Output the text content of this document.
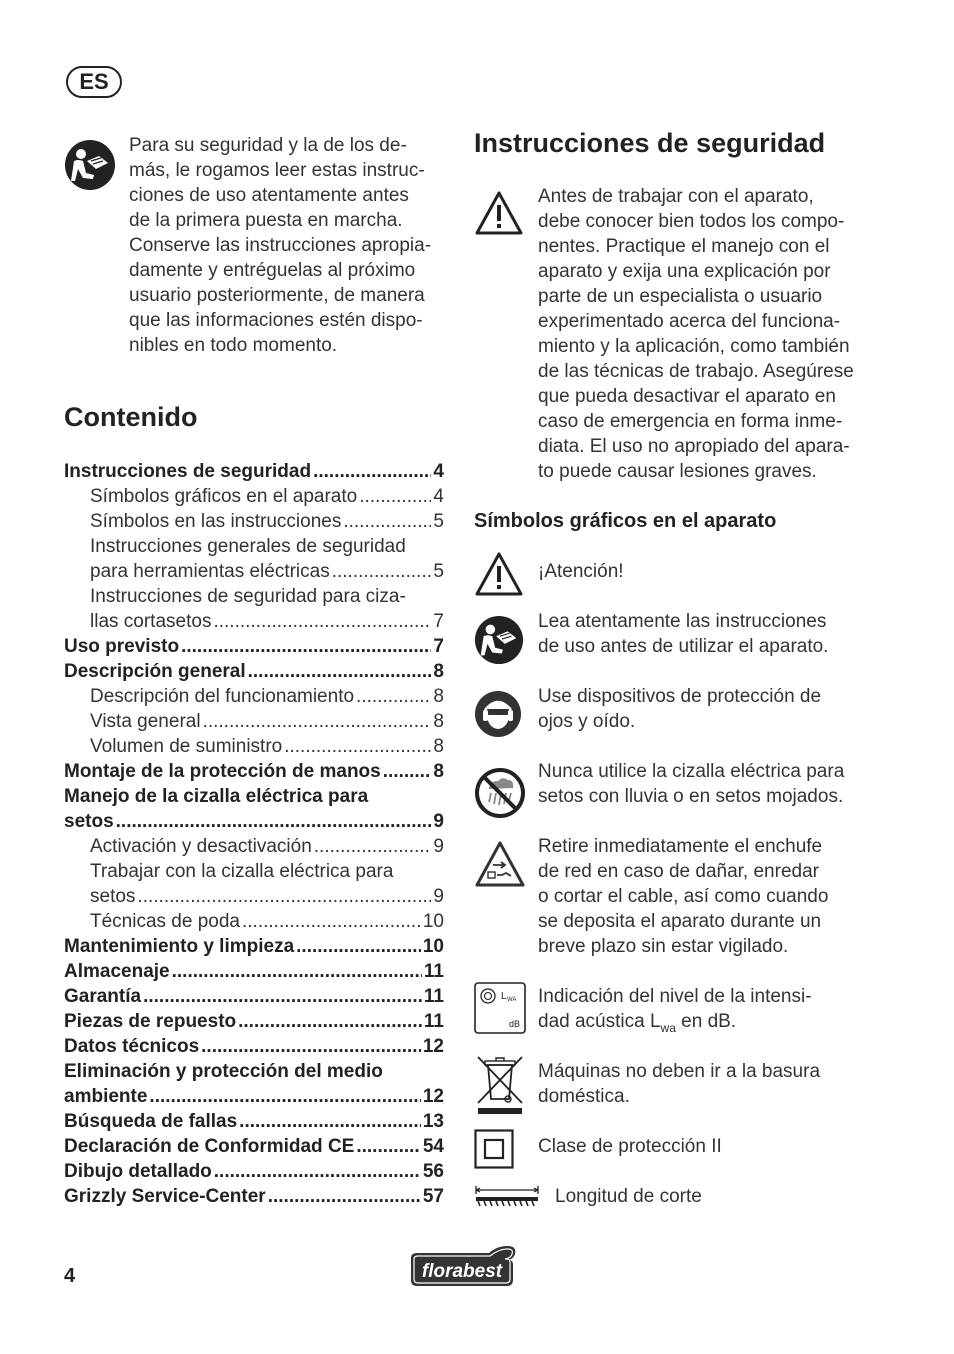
ES
Para su seguridad y la de los de-
más, le rogamos leer estas instruc-
ciones de uso atentamente antes
de la primera puesta en marcha.
Conserve las instrucciones apropia-
damente y entréguelas al próximo
usuario posteriormente, de manera
que las informaciones estén dispo-
nibles en todo momento.
Contenido
Instrucciones de seguridad .....	4
Símbolos gráficos en el aparato .....	4
Símbolos en las instrucciones .....	5
Instrucciones generales de seguridad
para herramientas eléctricas .....	5
Instrucciones de seguridad para ciza-
llas cortasetos .....	7
Uso previsto .....	7
Descripción general .....	8
Descripción del funcionamiento .....	8
Vista general .....	8
Volumen de suministro .....	8
Montaje de la protección de manos .....	8
Manejo de la cizalla eléctrica para
setos .....	9
Activación y desactivación .....	9
Trabajar con la cizalla eléctrica para
setos .....	9
Técnicas de poda .....	10
Mantenimiento y limpieza .....	10
Almacenaje .....	11
Garantía .....	11
Piezas de repuesto .....	11
Datos técnicos .....	12
Eliminación y protección del medio
ambiente .....	12
Búsqueda de fallas .....	13
Declaración de Conformidad CE .....	54
Dibujo detallado .....	56
Grizzly Service-Center .....	57
Instrucciones de seguridad
Antes de trabajar con el aparato,
debe conocer bien todos los compo-
nentes. Practique el manejo con el
aparato y exija una explicación por
parte de un especialista o usuario
experimentado acerca del funciona-
miento y la aplicación, como también
de las técnicas de trabajo. Asegúrese
que pueda desactivar el aparato en
caso de emergencia en forma inme-
diata. El uso no apropiado del apara-
to puede causar lesiones graves.
Símbolos gráficos en el aparato
¡Atención!
Lea atentamente las instrucciones
de uso antes de utilizar el aparato.
Use dispositivos de protección de
ojos y oído.
Nunca utilice la cizalla eléctrica para
setos con lluvia o en setos mojados.
Retire inmediatamente el enchufe
de red en caso de dañar, enredar
o cortar el cable, así como cuando
se deposita el aparato durante un
breve plazo sin estar vigilado.
L WA
dB
Indicación del nivel de la intensi-
dad acústica $L_{wa}$ en dB.
Máquinas no deben ir a la basura
doméstica.
Clase de protección II
Longitud de corte
4	florabest
